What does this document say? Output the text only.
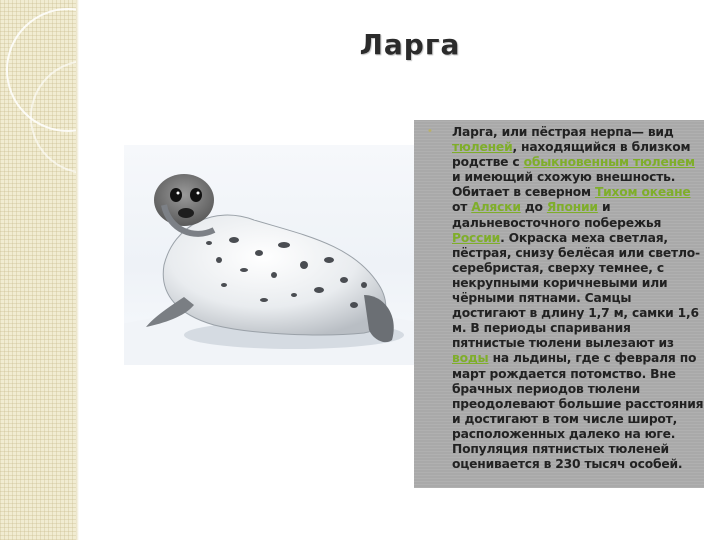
Ларга
• Ларга, или пёстрая нерпа— вид тюленей, находящийся в близком родстве с обыкновенным тюленем и имеющий схожую внешность. Обитает в северном Тихом океане от Аляски до Японии и дальневосточного побережья России. Окраска меха светлая, пёстрая, снизу белёсая или светло-серебристая, сверху темнее, с некрупными коричневыми или чёрными пятнами. Самцы достигают в длину 1,7 м, самки 1,6 м. В периоды спаривания пятнистые тюлени вылезают из воды на льдины, где с февраля по март рождается потомство. Вне брачных периодов тюлени преодолевают большие расстояния и достигают в том числе широт, расположенных далеко на юге. Популяция пятнистых тюленей оценивается в 230 тысяч особей.
